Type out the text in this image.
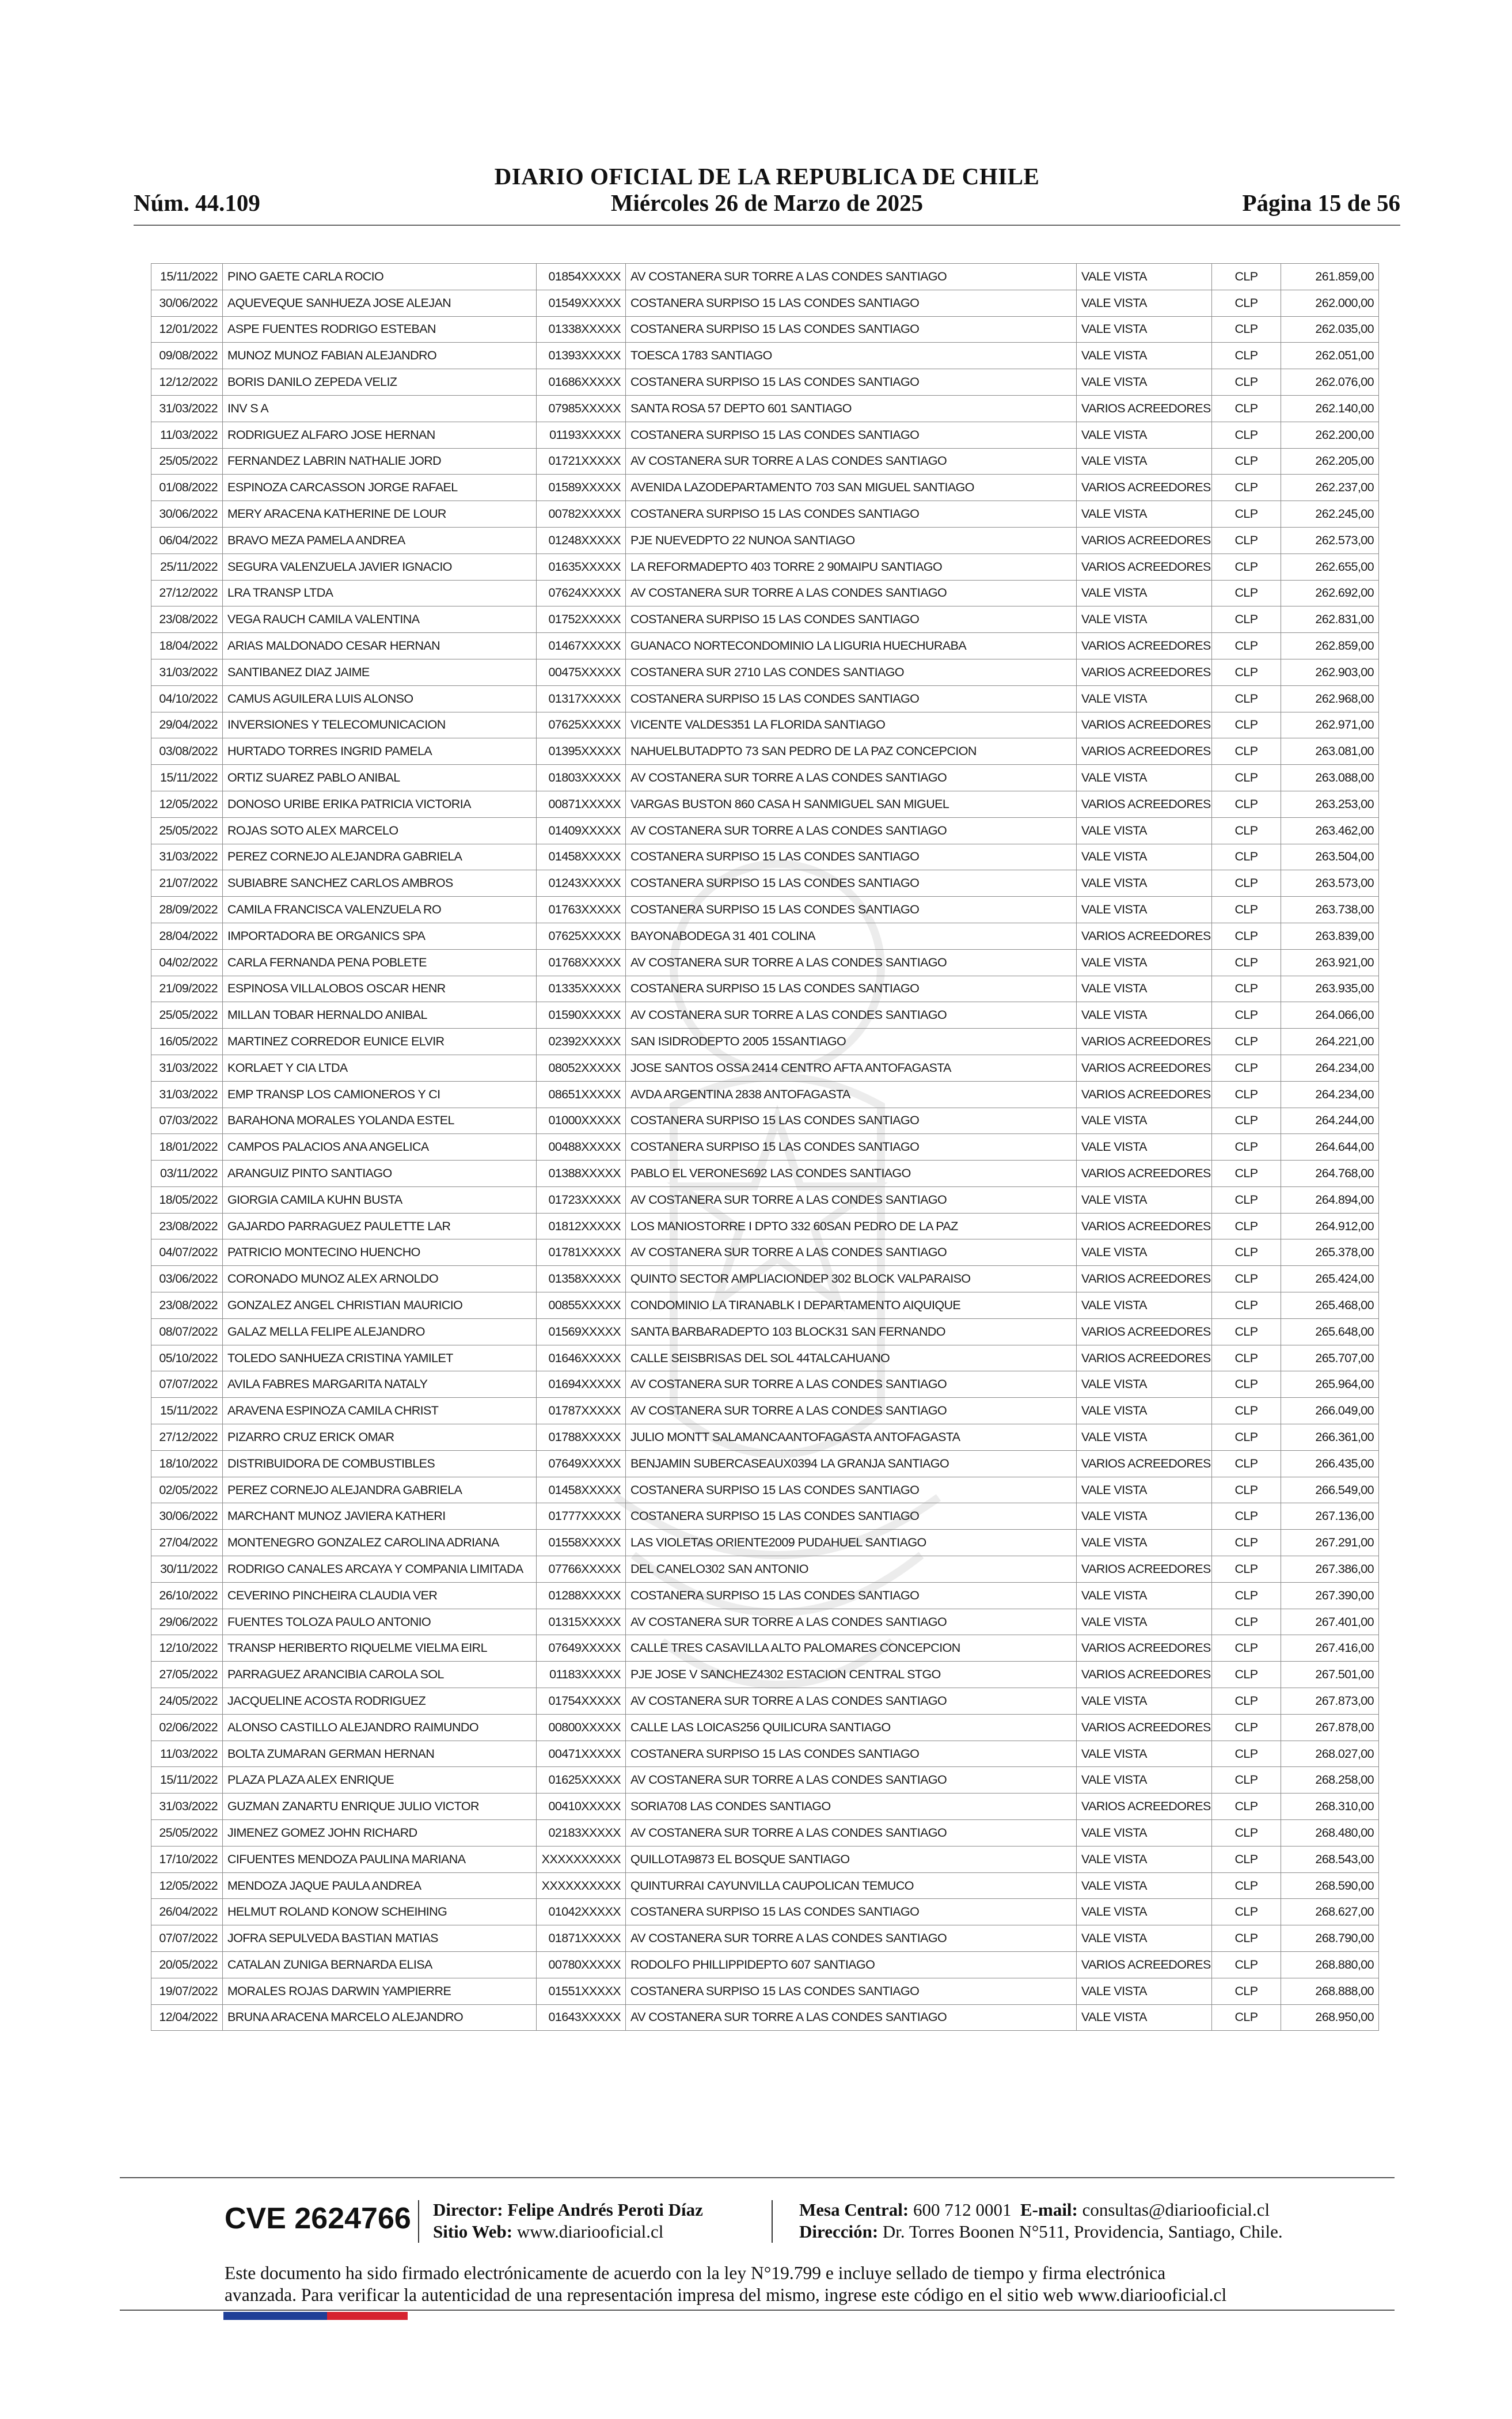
DIARIO OFICIAL DE LA REPUBLICA DE CHILE
Núm. 44.109	Miércoles 26 de Marzo de 2025	Página 15 de 56
15/11/2022	PINO GAETE CARLA ROCIO	01854XXXXX	AV COSTANERA SUR TORRE A LAS CONDES SANTIAGO	VALE VISTA	CLP	261.859,00
30/06/2022	AQUEVEQUE SANHUEZA JOSE ALEJAN	01549XXXXX	COSTANERA SURPISO 15 LAS CONDES SANTIAGO	VALE VISTA	CLP	262.000,00
12/01/2022	ASPE FUENTES RODRIGO ESTEBAN	01338XXXXX	COSTANERA SURPISO 15 LAS CONDES SANTIAGO	VALE VISTA	CLP	262.035,00
09/08/2022	MUNOZ MUNOZ FABIAN ALEJANDRO	01393XXXXX	TOESCA 1783 SANTIAGO	VALE VISTA	CLP	262.051,00
12/12/2022	BORIS DANILO ZEPEDA VELIZ	01686XXXXX	COSTANERA SURPISO 15 LAS CONDES SANTIAGO	VALE VISTA	CLP	262.076,00
31/03/2022	INV S A	07985XXXXX	SANTA ROSA 57 DEPTO 601 SANTIAGO	VARIOS ACREEDORES	CLP	262.140,00
11/03/2022	RODRIGUEZ ALFARO JOSE HERNAN	01193XXXXX	COSTANERA SURPISO 15 LAS CONDES SANTIAGO	VALE VISTA	CLP	262.200,00
25/05/2022	FERNANDEZ LABRIN NATHALIE JORD	01721XXXXX	AV COSTANERA SUR TORRE A LAS CONDES SANTIAGO	VALE VISTA	CLP	262.205,00
01/08/2022	ESPINOZA CARCASSON JORGE RAFAEL	01589XXXXX	AVENIDA LAZODEPARTAMENTO 703 SAN MIGUEL SANTIAGO	VARIOS ACREEDORES	CLP	262.237,00
30/06/2022	MERY ARACENA KATHERINE DE LOUR	00782XXXXX	COSTANERA SURPISO 15 LAS CONDES SANTIAGO	VALE VISTA	CLP	262.245,00
06/04/2022	BRAVO MEZA PAMELA ANDREA	01248XXXXX	PJE NUEVEDPTO 22 NUNOA SANTIAGO	VARIOS ACREEDORES	CLP	262.573,00
25/11/2022	SEGURA VALENZUELA JAVIER IGNACIO	01635XXXXX	LA REFORMADEPTO 403 TORRE 2 90MAIPU SANTIAGO	VARIOS ACREEDORES	CLP	262.655,00
27/12/2022	LRA TRANSP LTDA	07624XXXXX	AV COSTANERA SUR TORRE A LAS CONDES SANTIAGO	VALE VISTA	CLP	262.692,00
23/08/2022	VEGA RAUCH CAMILA VALENTINA	01752XXXXX	COSTANERA SURPISO 15 LAS CONDES SANTIAGO	VALE VISTA	CLP	262.831,00
18/04/2022	ARIAS MALDONADO CESAR HERNAN	01467XXXXX	GUANACO NORTECONDOMINIO LA LIGURIA HUECHURABA	VARIOS ACREEDORES	CLP	262.859,00
31/03/2022	SANTIBANEZ DIAZ JAIME	00475XXXXX	COSTANERA SUR 2710 LAS CONDES SANTIAGO	VARIOS ACREEDORES	CLP	262.903,00
04/10/2022	CAMUS AGUILERA LUIS ALONSO	01317XXXXX	COSTANERA SURPISO 15 LAS CONDES SANTIAGO	VALE VISTA	CLP	262.968,00
29/04/2022	INVERSIONES Y TELECOMUNICACION	07625XXXXX	VICENTE VALDES351 LA FLORIDA SANTIAGO	VARIOS ACREEDORES	CLP	262.971,00
03/08/2022	HURTADO TORRES INGRID PAMELA	01395XXXXX	NAHUELBUTADPTO 73 SAN PEDRO DE LA PAZ CONCEPCION	VARIOS ACREEDORES	CLP	263.081,00
15/11/2022	ORTIZ SUAREZ PABLO ANIBAL	01803XXXXX	AV COSTANERA SUR TORRE A LAS CONDES SANTIAGO	VALE VISTA	CLP	263.088,00
12/05/2022	DONOSO URIBE ERIKA PATRICIA VICTORIA	00871XXXXX	VARGAS BUSTON 860 CASA H SANMIGUEL SAN MIGUEL	VARIOS ACREEDORES	CLP	263.253,00
25/05/2022	ROJAS SOTO ALEX MARCELO	01409XXXXX	AV COSTANERA SUR TORRE A LAS CONDES SANTIAGO	VALE VISTA	CLP	263.462,00
31/03/2022	PEREZ CORNEJO ALEJANDRA GABRIELA	01458XXXXX	COSTANERA SURPISO 15 LAS CONDES SANTIAGO	VALE VISTA	CLP	263.504,00
21/07/2022	SUBIABRE SANCHEZ CARLOS AMBROS	01243XXXXX	COSTANERA SURPISO 15 LAS CONDES SANTIAGO	VALE VISTA	CLP	263.573,00
28/09/2022	CAMILA FRANCISCA VALENZUELA RO	01763XXXXX	COSTANERA SURPISO 15 LAS CONDES SANTIAGO	VALE VISTA	CLP	263.738,00
28/04/2022	IMPORTADORA BE ORGANICS SPA	07625XXXXX	BAYONABODEGA 31 401 COLINA	VARIOS ACREEDORES	CLP	263.839,00
04/02/2022	CARLA FERNANDA PENA POBLETE	01768XXXXX	AV COSTANERA SUR TORRE A LAS CONDES SANTIAGO	VALE VISTA	CLP	263.921,00
21/09/2022	ESPINOSA VILLALOBOS OSCAR HENR	01335XXXXX	COSTANERA SURPISO 15 LAS CONDES SANTIAGO	VALE VISTA	CLP	263.935,00
25/05/2022	MILLAN TOBAR HERNALDO ANIBAL	01590XXXXX	AV COSTANERA SUR TORRE A LAS CONDES SANTIAGO	VALE VISTA	CLP	264.066,00
16/05/2022	MARTINEZ CORREDOR EUNICE ELVIR	02392XXXXX	SAN ISIDRODEPTO 2005 15SANTIAGO	VARIOS ACREEDORES	CLP	264.221,00
31/03/2022	KORLAET Y CIA LTDA	08052XXXXX	JOSE SANTOS OSSA 2414 CENTRO AFTA ANTOFAGASTA	VARIOS ACREEDORES	CLP	264.234,00
31/03/2022	EMP TRANSP LOS CAMIONEROS Y CI	08651XXXXX	AVDA ARGENTINA 2838 ANTOFAGASTA	VARIOS ACREEDORES	CLP	264.234,00
07/03/2022	BARAHONA MORALES YOLANDA ESTEL	01000XXXXX	COSTANERA SURPISO 15 LAS CONDES SANTIAGO	VALE VISTA	CLP	264.244,00
18/01/2022	CAMPOS PALACIOS ANA ANGELICA	00488XXXXX	COSTANERA SURPISO 15 LAS CONDES SANTIAGO	VALE VISTA	CLP	264.644,00
03/11/2022	ARANGUIZ PINTO SANTIAGO	01388XXXXX	PABLO EL VERONES692 LAS CONDES SANTIAGO	VARIOS ACREEDORES	CLP	264.768,00
18/05/2022	GIORGIA CAMILA KUHN BUSTA	01723XXXXX	AV COSTANERA SUR TORRE A LAS CONDES SANTIAGO	VALE VISTA	CLP	264.894,00
23/08/2022	GAJARDO PARRAGUEZ PAULETTE LAR	01812XXXXX	LOS MANIOSTORRE I DPTO 332 60SAN PEDRO DE LA PAZ	VARIOS ACREEDORES	CLP	264.912,00
04/07/2022	PATRICIO MONTECINO HUENCHO	01781XXXXX	AV COSTANERA SUR TORRE A LAS CONDES SANTIAGO	VALE VISTA	CLP	265.378,00
03/06/2022	CORONADO MUNOZ ALEX ARNOLDO	01358XXXXX	QUINTO SECTOR AMPLIACIONDEP 302 BLOCK VALPARAISO	VARIOS ACREEDORES	CLP	265.424,00
23/08/2022	GONZALEZ ANGEL CHRISTIAN MAURICIO	00855XXXXX	CONDOMINIO LA TIRANABLK I DEPARTAMENTO AIQUIQUE	VALE VISTA	CLP	265.468,00
08/07/2022	GALAZ MELLA FELIPE ALEJANDRO	01569XXXXX	SANTA BARBARADEPTO 103 BLOCK31 SAN FERNANDO	VARIOS ACREEDORES	CLP	265.648,00
05/10/2022	TOLEDO SANHUEZA CRISTINA YAMILET	01646XXXXX	CALLE SEISBRISAS DEL SOL 44TALCAHUANO	VARIOS ACREEDORES	CLP	265.707,00
07/07/2022	AVILA FABRES MARGARITA NATALY	01694XXXXX	AV COSTANERA SUR TORRE A LAS CONDES SANTIAGO	VALE VISTA	CLP	265.964,00
15/11/2022	ARAVENA ESPINOZA CAMILA CHRIST	01787XXXXX	AV COSTANERA SUR TORRE A LAS CONDES SANTIAGO	VALE VISTA	CLP	266.049,00
27/12/2022	PIZARRO CRUZ ERICK OMAR	01788XXXXX	JULIO MONTT SALAMANCAANTOFAGASTA ANTOFAGASTA	VALE VISTA	CLP	266.361,00
18/10/2022	DISTRIBUIDORA DE COMBUSTIBLES	07649XXXXX	BENJAMIN SUBERCASEAUX0394 LA GRANJA SANTIAGO	VARIOS ACREEDORES	CLP	266.435,00
02/05/2022	PEREZ CORNEJO ALEJANDRA GABRIELA	01458XXXXX	COSTANERA SURPISO 15 LAS CONDES SANTIAGO	VALE VISTA	CLP	266.549,00
30/06/2022	MARCHANT MUNOZ JAVIERA KATHERI	01777XXXXX	COSTANERA SURPISO 15 LAS CONDES SANTIAGO	VALE VISTA	CLP	267.136,00
27/04/2022	MONTENEGRO GONZALEZ CAROLINA ADRIANA	01558XXXXX	LAS VIOLETAS ORIENTE2009 PUDAHUEL SANTIAGO	VALE VISTA	CLP	267.291,00
30/11/2022	RODRIGO CANALES ARCAYA Y COMPANIA LIMITADA	07766XXXXX	DEL CANELO302 SAN ANTONIO	VARIOS ACREEDORES	CLP	267.386,00
26/10/2022	CEVERINO PINCHEIRA CLAUDIA VER	01288XXXXX	COSTANERA SURPISO 15 LAS CONDES SANTIAGO	VALE VISTA	CLP	267.390,00
29/06/2022	FUENTES TOLOZA PAULO ANTONIO	01315XXXXX	AV COSTANERA SUR TORRE A LAS CONDES SANTIAGO	VALE VISTA	CLP	267.401,00
12/10/2022	TRANSP HERIBERTO RIQUELME VIELMA EIRL	07649XXXXX	CALLE TRES CASAVILLA ALTO PALOMARES CONCEPCION	VARIOS ACREEDORES	CLP	267.416,00
27/05/2022	PARRAGUEZ ARANCIBIA CAROLA SOL	01183XXXXX	PJE JOSE V SANCHEZ4302 ESTACION CENTRAL STGO	VARIOS ACREEDORES	CLP	267.501,00
24/05/2022	JACQUELINE ACOSTA RODRIGUEZ	01754XXXXX	AV COSTANERA SUR TORRE A LAS CONDES SANTIAGO	VALE VISTA	CLP	267.873,00
02/06/2022	ALONSO CASTILLO ALEJANDRO RAIMUNDO	00800XXXXX	CALLE LAS LOICAS256 QUILICURA SANTIAGO	VARIOS ACREEDORES	CLP	267.878,00
11/03/2022	BOLTA ZUMARAN GERMAN HERNAN	00471XXXXX	COSTANERA SURPISO 15 LAS CONDES SANTIAGO	VALE VISTA	CLP	268.027,00
15/11/2022	PLAZA PLAZA ALEX ENRIQUE	01625XXXXX	AV COSTANERA SUR TORRE A LAS CONDES SANTIAGO	VALE VISTA	CLP	268.258,00
31/03/2022	GUZMAN ZANARTU ENRIQUE JULIO VICTOR	00410XXXXX	SORIA708 LAS CONDES SANTIAGO	VARIOS ACREEDORES	CLP	268.310,00
25/05/2022	JIMENEZ GOMEZ JOHN RICHARD	02183XXXXX	AV COSTANERA SUR TORRE A LAS CONDES SANTIAGO	VALE VISTA	CLP	268.480,00
17/10/2022	CIFUENTES MENDOZA PAULINA MARIANA	XXXXXXXXXX	QUILLOTA9873 EL BOSQUE SANTIAGO	VALE VISTA	CLP	268.543,00
12/05/2022	MENDOZA JAQUE PAULA ANDREA	XXXXXXXXXX	QUINTURRAI CAYUNVILLA CAUPOLICAN TEMUCO	VALE VISTA	CLP	268.590,00
26/04/2022	HELMUT ROLAND KONOW SCHEIHING	01042XXXXX	COSTANERA SURPISO 15 LAS CONDES SANTIAGO	VALE VISTA	CLP	268.627,00
07/07/2022	JOFRA SEPULVEDA BASTIAN MATIAS	01871XXXXX	AV COSTANERA SUR TORRE A LAS CONDES SANTIAGO	VALE VISTA	CLP	268.790,00
20/05/2022	CATALAN ZUNIGA BERNARDA ELISA	00780XXXXX	RODOLFO PHILLIPPIDEPTO 607 SANTIAGO	VARIOS ACREEDORES	CLP	268.880,00
19/07/2022	MORALES ROJAS DARWIN YAMPIERRE	01551XXXXX	COSTANERA SURPISO 15 LAS CONDES SANTIAGO	VALE VISTA	CLP	268.888,00
12/04/2022	BRUNA ARACENA MARCELO ALEJANDRO	01643XXXXX	AV COSTANERA SUR TORRE A LAS CONDES SANTIAGO	VALE VISTA	CLP	268.950,00
CVE 2624766 Director: Felipe Andrés Peroti Díaz
Sitio Web: www.diariooficial.cl
Mesa Central: 600 712 0001 E-mail: consultas@diariooficial.cl
Dirección: Dr. Torres Boonen N°511, Providencia, Santiago, Chile.
Este documento ha sido firmado electrónicamente de acuerdo con la ley N°19.799 e incluye sellado de tiempo y firma electrónica
avanzada. Para verificar la autenticidad de una representación impresa del mismo, ingrese este código en el sitio web www.diariooficial.cl
